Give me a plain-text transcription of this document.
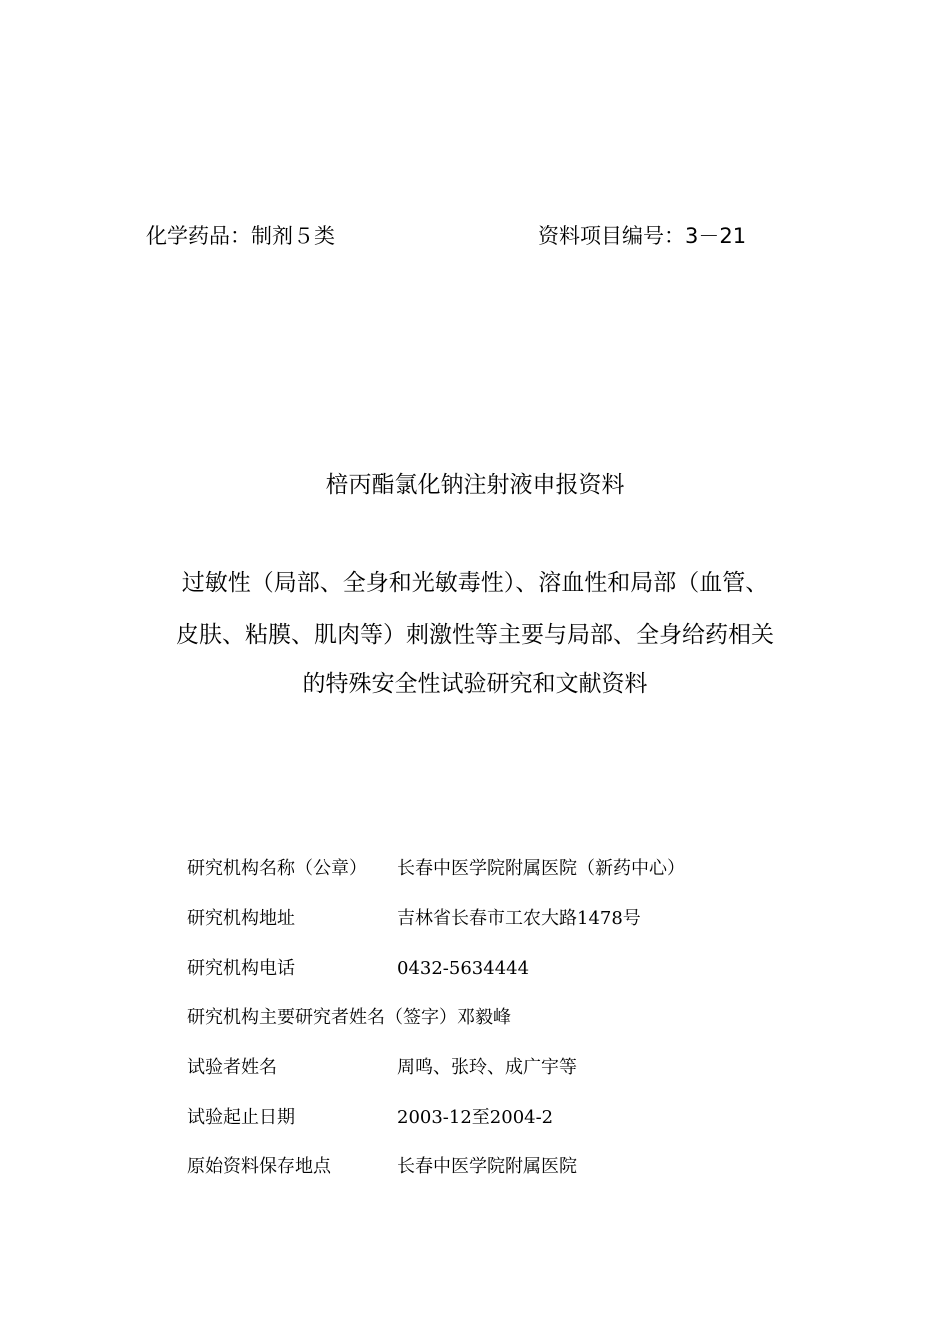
化学药品：制剂５类	资料项目编号：3－21
棓丙酯氯化钠注射液申报资料
过敏性（局部、全身和光敏毒性）、溶血性和局部（血管、
皮肤、粘膜、肌肉等）刺激性等主要与局部、全身给药相关
的特殊安全性试验研究和文献资料
研究机构名称（公章） 长春中医学院附属医院（新药中心）
研究机构地址	吉林省长春市工农大路1478号
研究机构电话	0432-5634444
研究机构主要研究者姓名（签字）邓毅峰
试验者姓名	周鸣、张玲、成广宇等
试验起止日期	2003-12至2004-2
原始资料保存地点	长春中医学院附属医院
